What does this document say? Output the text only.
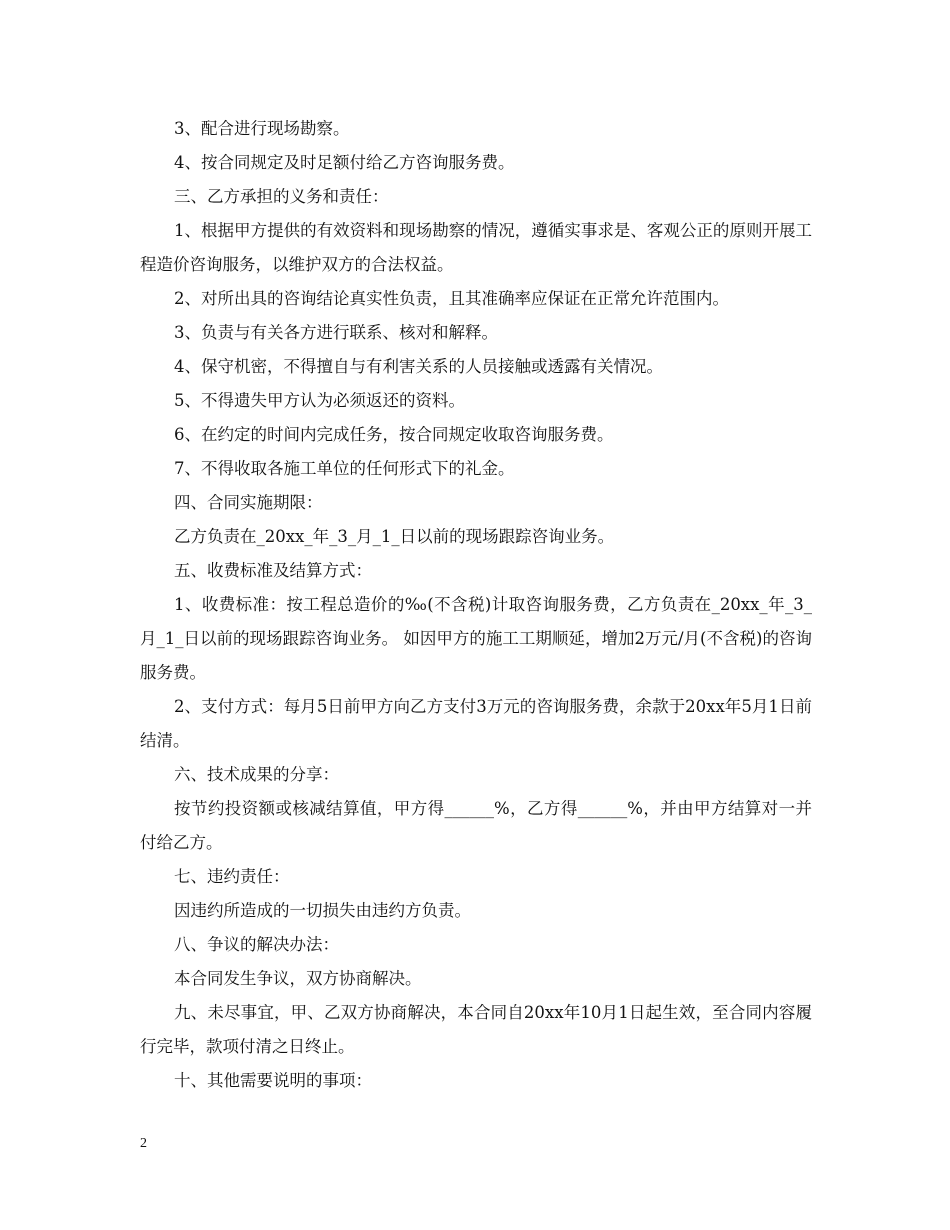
3、配合进行现场勘察。

4、按合同规定及时足额付给乙方咨询服务费。

三、乙方承担的义务和责任：

1、根据甲方提供的有效资料和现场勘察的情况，遵循实事求是、客观公正的原则开展工程造价咨询服务，以维护双方的合法权益。

2、对所出具的咨询结论真实性负责，且其准确率应保证在正常允许范围内。

3、负责与有关各方进行联系、核对和解释。

4、保守机密，不得擅自与有利害关系的人员接触或透露有关情况。

5、不得遗失甲方认为必须返还的资料。

6、在约定的时间内完成任务，按合同规定收取咨询服务费。

7、不得收取各施工单位的任何形式下的礼金。

四、合同实施期限：

乙方负责在_20xx_年_3_月_1_日以前的现场跟踪咨询业务。

五、收费标准及结算方式：

1、收费标准：按工程总造价的‰(不含税)计取咨询服务费，乙方负责在_20xx_年_3_月_1_日以前的现场跟踪咨询业务。 如因甲方的施工工期顺延，增加2万元/月(不含税)的咨询服务费。

2、支付方式：每月5日前甲方向乙方支付3万元的咨询服务费，余款于20xx年5月1日前结清。

六、技术成果的分享：

按节约投资额或核减结算值，甲方得______%，乙方得______%，并由甲方结算对一并付给乙方。

七、违约责任：

因违约所造成的一切损失由违约方负责。

八、争议的解决办法：

本合同发生争议，双方协商解决。

九、未尽事宜，甲、乙双方协商解决，本合同自20xx年10月1日起生效，至合同内容履行完毕，款项付清之日终止。

十、其他需要说明的事项：

2
